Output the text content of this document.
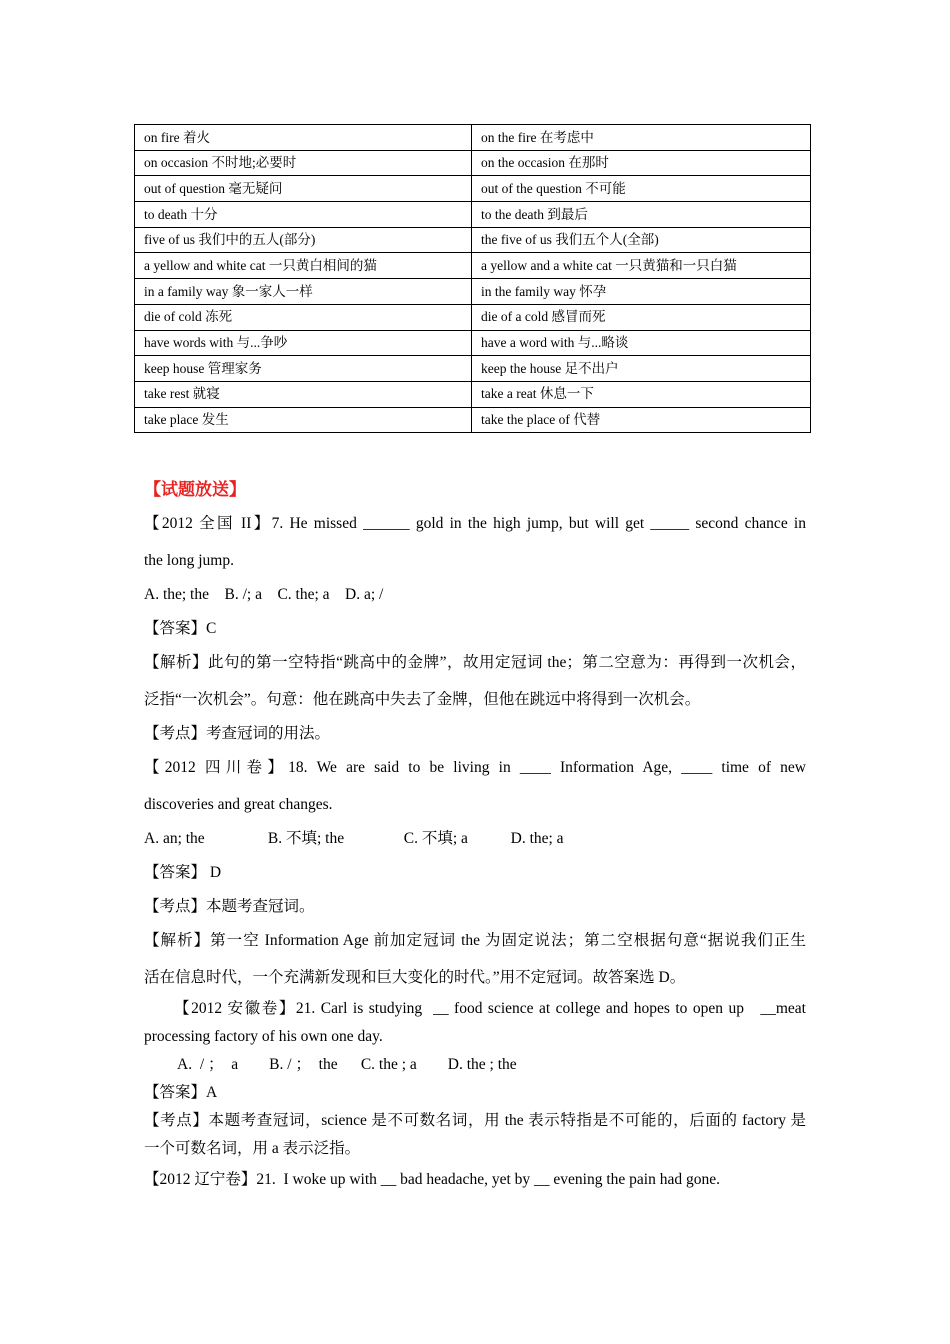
on fire 着火	on the fire 在考虑中
on occasion 不时地;必要时	on the occasion 在那时
out of question 毫无疑问	out of the question 不可能
to death 十分	to the death 到最后
five of us 我们中的五人(部分)	the five of us 我们五个人(全部)
a yellow and white cat 一只黄白相间的猫	a yellow and a white cat 一只黄猫和一只白猫
in a family way 象一家人一样	in the family way 怀孕
die of cold 冻死	die of a cold 感冒而死
have words with 与...争吵	have a word with 与...略谈
keep house 管理家务	keep the house 足不出户
take rest 就寝	take a reat 休息一下
take place 发生	take the place of 代替
【试题放送】
【2012 全国 II】7. He missed ______ gold in the high jump, but will get _____ second chance in
the long jump.
A. the; the    B. /; a    C. the; a    D. a; /
【答案】C
【解析】此句的第一空特指“跳高中的金牌”，故用定冠词 the；第二空意为：再得到一次机会，
泛指“一次机会”。句意：他在跳高中失去了金牌，但他在跳远中将得到一次机会。
【考点】考查冠词的用法。
【2012 四川卷】18. We are said to be living in ____ Information Age, ____ time of new
discoveries and great changes.
A. an; the	B. 不填; the	C. 不填; a	D. the; a
【答案】 D
【考点】本题考查冠词。
【解析】第一空 Information Age 前加定冠词 the 为固定说法；第二空根据句意“据说我们正生
活在信息时代，一个充满新发现和巨大变化的时代。”用不定冠词。故答案选 D。
【2012 安徽卷】21. Carl is studying  __ food science at college and hopes to open up   __meat
processing factory of his own one day.
A.  / ；  a        B. / ；  the      C. the ; a        D. the ; the
【答案】A
【考点】本题考查冠词，science 是不可数名词，用 the 表示特指是不可能的，后面的 factory 是
一个可数名词，用 a 表示泛指。
【2012 辽宁卷】21.  I woke up with __ bad headache, yet by __ evening the pain had gone.
